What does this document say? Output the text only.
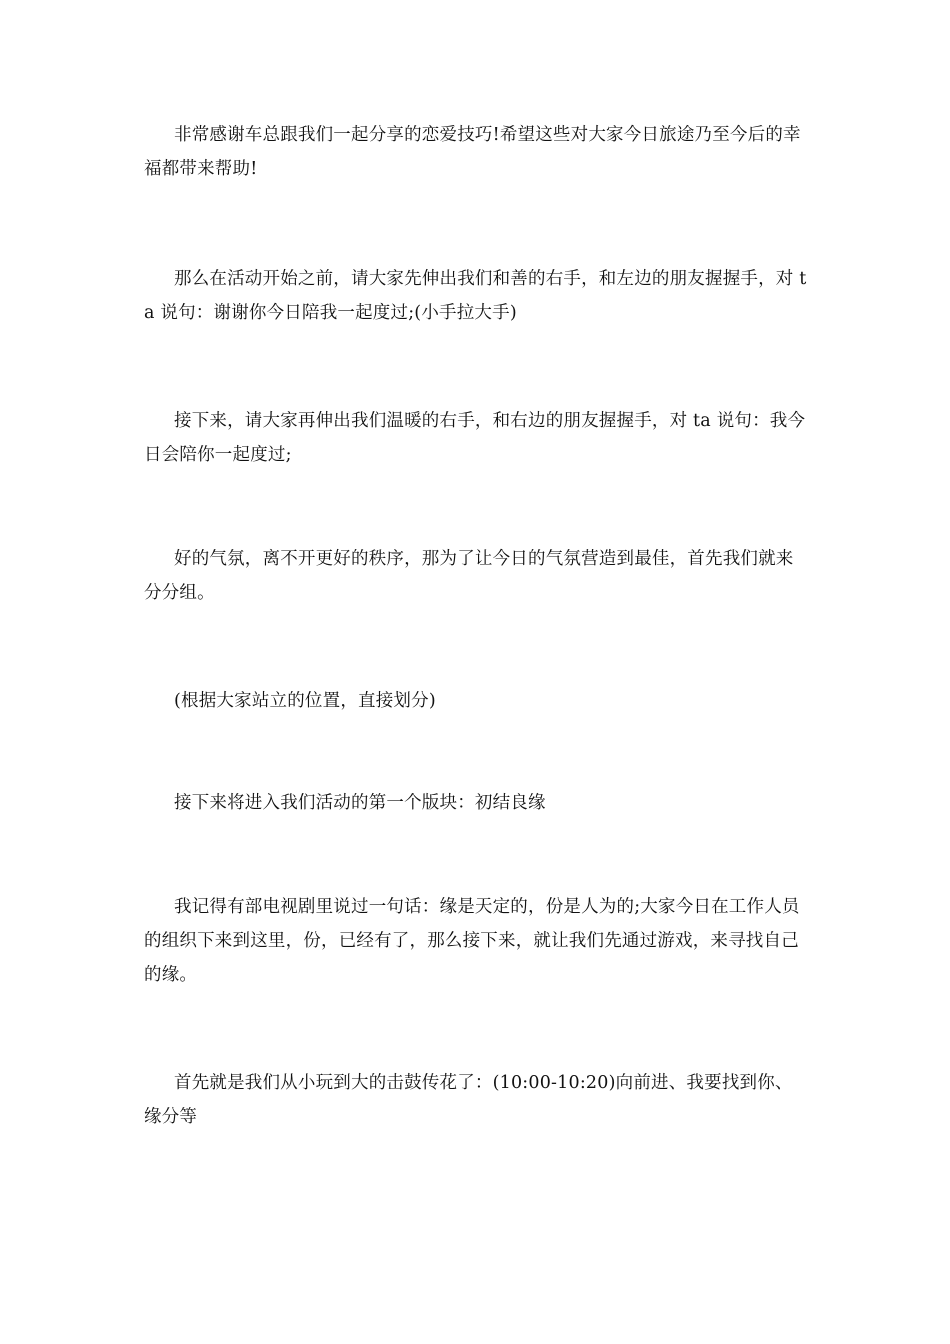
非常感谢车总跟我们一起分享的恋爱技巧!希望这些对大家今日旅途乃至今后的幸福都带来帮助!

那么在活动开始之前，请大家先伸出我们和善的右手，和左边的朋友握握手，对 ta 说句：谢谢你今日陪我一起度过;(小手拉大手)

接下来，请大家再伸出我们温暖的右手，和右边的朋友握握手，对 ta 说句：我今日会陪你一起度过;

好的气氛，离不开更好的秩序，那为了让今日的气氛营造到最佳，首先我们就来分分组。

(根据大家站立的位置，直接划分)

接下来将进入我们活动的第一个版块：初结良缘

我记得有部电视剧里说过一句话：缘是天定的，份是人为的;大家今日在工作人员的组织下来到这里，份，已经有了，那么接下来，就让我们先通过游戏，来寻找自己的缘。

首先就是我们从小玩到大的击鼓传花了：(10:00-10:20)向前进、我要找到你、缘分等
